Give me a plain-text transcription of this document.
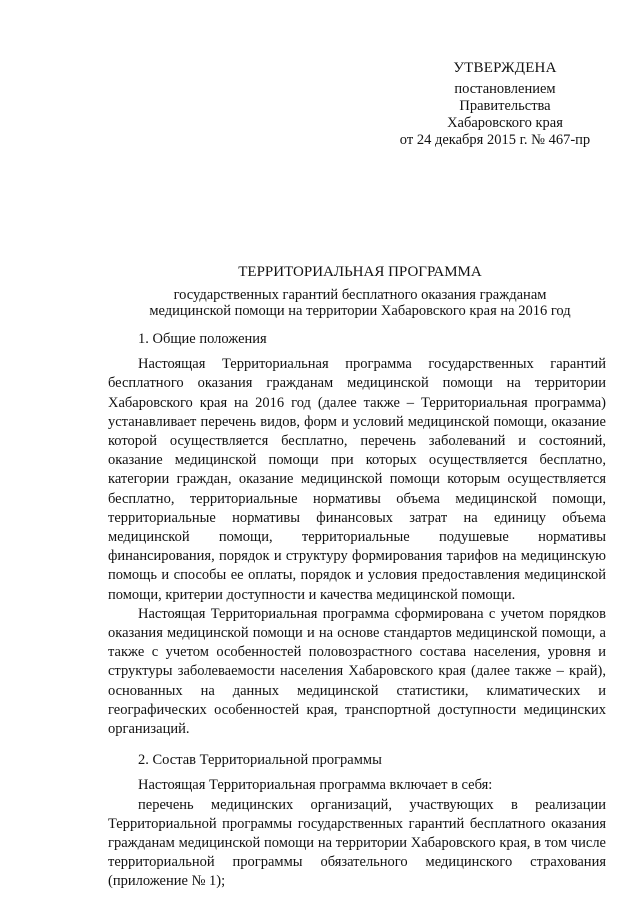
УТВЕРЖДЕНА
постановлением
Правительства
Хабаровского края
от 24 декабря 2015 г. № 467-пр
ТЕРРИТОРИАЛЬНАЯ ПРОГРАММА
государственных гарантий бесплатного оказания гражданам
медицинской помощи на территории Хабаровского края на 2016 год
1. Общие положения

Настоящая Территориальная программа государственных гарантий бесплатного оказания гражданам медицинской помощи на территории Хабаровского края на 2016 год (далее также – Территориальная программа) устанавливает перечень видов, форм и условий медицинской помощи, оказание которой осуществляется бесплатно, перечень заболеваний и состояний, оказание медицинской помощи при которых осуществляется бесплатно, категории граждан, оказание медицинской помощи которым осуществляется бесплатно, территориальные нормативы объема медицинской помощи, территориальные нормативы финансовых затрат на единицу объема медицинской помощи, территориальные подушевые нормативы финансирования, порядок и структуру формирования тарифов на медицинскую помощь и способы ее оплаты, порядок и условия предоставления медицинской помощи, критерии доступности и качества медицинской помощи.

Настоящая Территориальная программа сформирована с учетом порядков оказания медицинской помощи и на основе стандартов медицинской помощи, а также с учетом особенностей половозрастного состава населения, уровня и структуры заболеваемости населения Хабаровского края (далее также – край), основанных на данных медицинской статистики, климатических и географических особенностей края, транспортной доступности медицинских организаций.

2. Состав Территориальной программы

Настоящая Территориальная программа включает в себя:

перечень медицинских организаций, участвующих в реализации Территориальной программы государственных гарантий бесплатного оказания гражданам медицинской помощи на территории Хабаровского края, в том числе территориальной программы обязательного медицинского страхования (приложение № 1);
